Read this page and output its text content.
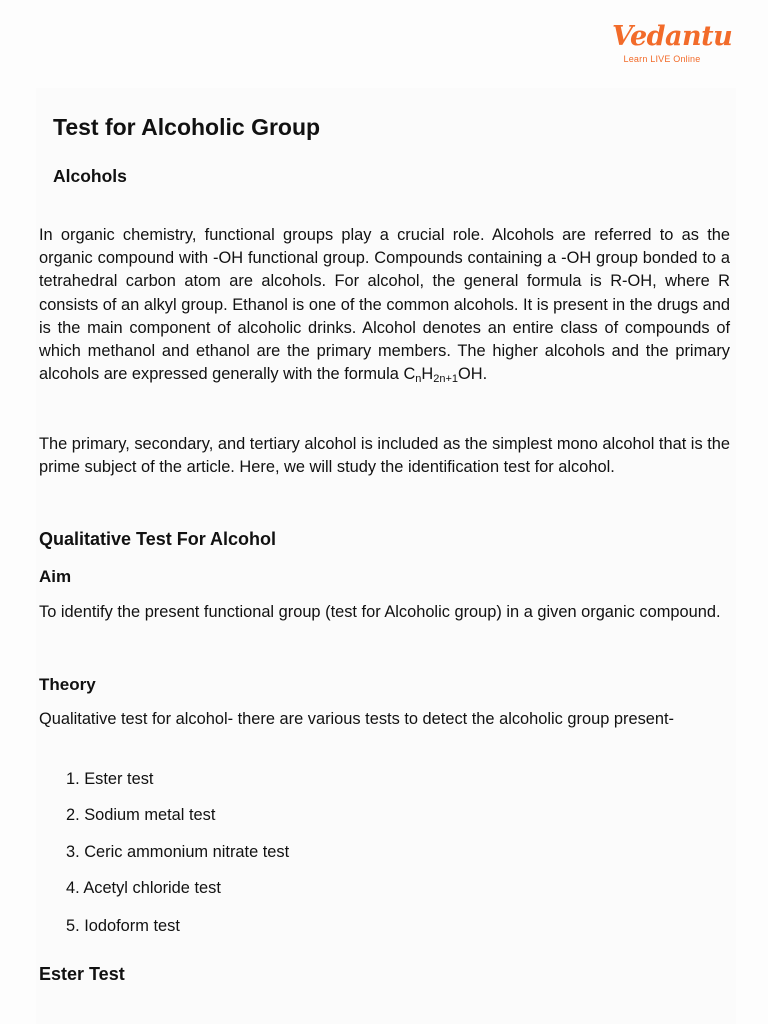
Vedantu
Learn LIVE Online
Test for Alcoholic Group
Alcohols

In organic chemistry, functional groups play a crucial role. Alcohols are referred to as the organic compound with -OH functional group. Compounds containing a -OH group bonded to a tetrahedral carbon atom are alcohols. For alcohol, the general formula is R-OH, where R consists of an alkyl group. Ethanol is one of the common alcohols. It is present in the drugs and is the main component of alcoholic drinks. Alcohol denotes an entire class of compounds of which methanol and ethanol are the primary members. The higher alcohols and the primary alcohols are expressed generally with the formula $C_nH_{2n+1}OH$.

The primary, secondary, and tertiary alcohol is included as the simplest mono alcohol that is the prime subject of the article. Here, we will study the identification test for alcohol.

Qualitative Test For Alcohol
Aim

To identify the present functional group (test for Alcoholic group) in a given organic compound.

Theory

Qualitative test for alcohol- there are various tests to detect the alcoholic group present-

1. Ester test

2. Sodium metal test

3. Ceric ammonium nitrate test

4. Acetyl chloride test

5. Iodoform test

Ester Test
